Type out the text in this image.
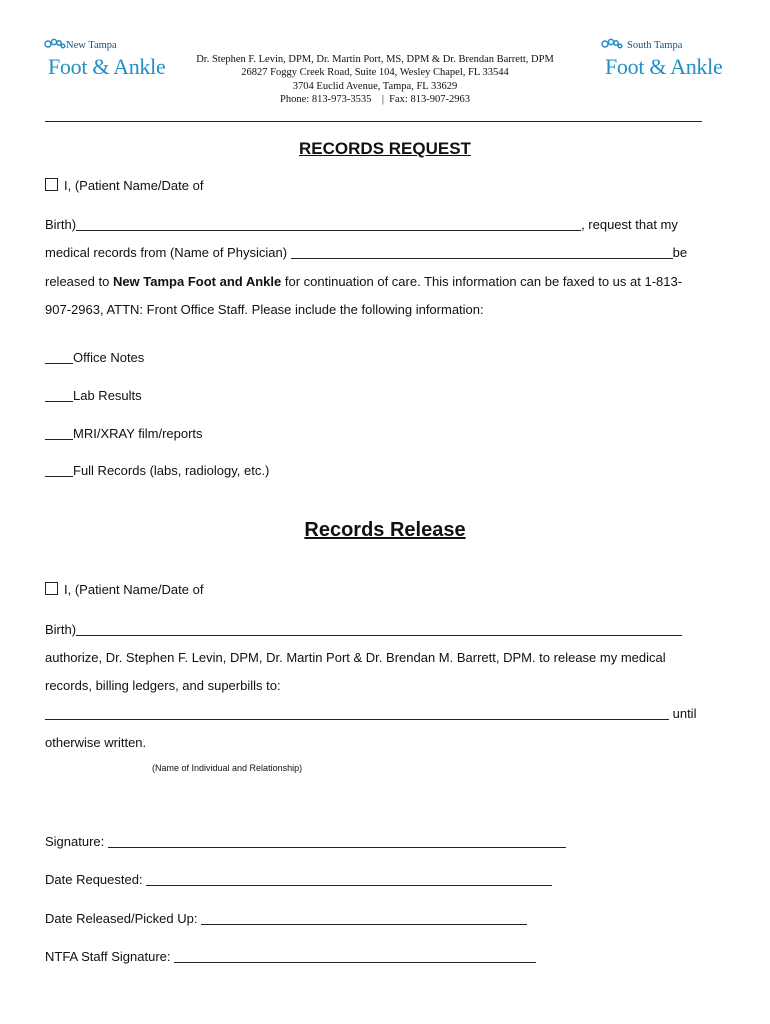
New Tampa
Foot & Ankle	Dr. Stephen F. Levin, DPM, Dr. Martin Port, MS, DPM & Dr. Brendan Barrett, DPM
26827 Foggy Creek Road, Suite 104, Wesley Chapel, FL 33544
3704 Euclid Avenue, Tampa, FL 33629
Phone: 813-973-3535    |  Fax: 813-907-2963
South Tampa
Foot & Ankle
RECORDS REQUEST
I, (Patient Name/Date of
Birth)	, request that my
medical records from (Name of Physician)	be
released to New Tampa Foot and Ankle for continuation of care. This information can be faxed to us at 1-813-
907-2963, ATTN: Front Office Staff. Please include the following information:
Office Notes
Lab Results
MRI/XRAY film/reports
Full Records (labs, radiology, etc.)
Records Release
I, (Patient Name/Date of
Birth)
authorize, Dr. Stephen F. Levin, DPM, Dr. Martin Port & Dr. Brendan M. Barrett, DPM. to release my medical
records, billing ledgers, and superbills to:
until
otherwise written.
(Name of Individual and Relationship)
Signature:
Date Requested:
Date Released/Picked Up:
NTFA Staff Signature:
